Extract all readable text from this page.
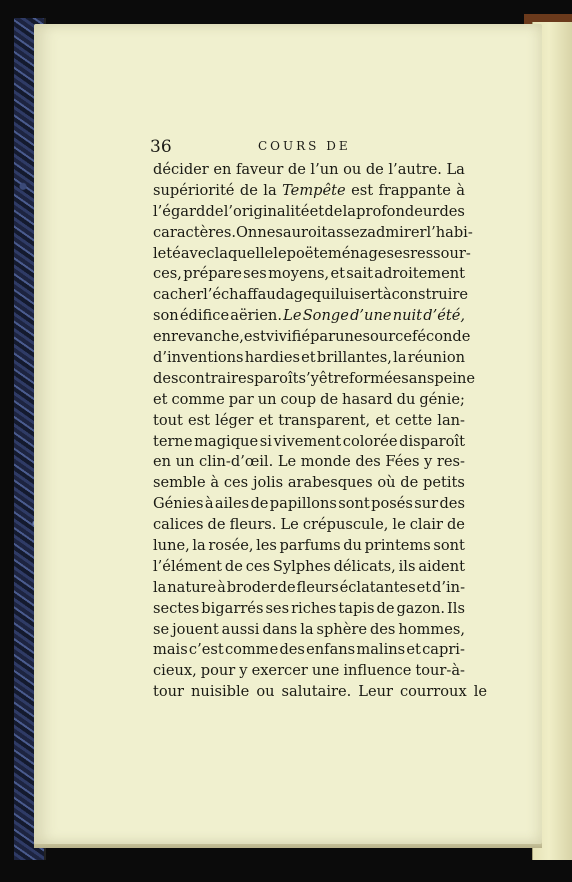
36	COURS DE
décider en faveur de l’un ou de l’autre. La
supériorité de la Tempête est frappante à
l’égard de l’originalité et de la profondeur des
caractères. On ne sauroit assez admirer l’habi-
leté avec laquelle le poëte ménage ses ressour-
ces, prépare ses moyens, et sait adroitement
cacher l’échaffaudage qui lui sert à construire
son édifice aërien. Le Songe d’une nuit d’été,
en revanche, est vivifié par une source féconde
d’inventions hardies et brillantes, la réunion
des contraires paroît s’y être formée sans peine
et comme par un coup de hasard du génie;
tout est léger et transparent, et cette lan-
terne magique si vivement colorée disparoît
en un clin-d’œil. Le monde des Fées y res-
semble à ces jolis arabesques où de petits
Génies à ailes de papillons sont posés sur des
calices de fleurs. Le crépuscule, le clair de
lune, la rosée, les parfums du printems sont
l’élément de ces Sylphes délicats, ils aident
la nature à broder de fleurs éclatantes et d’in-
sectes bigarrés ses riches tapis de gazon. Ils
se jouent aussi dans la sphère des hommes,
mais c’est comme des enfans malins et capri-
cieux, pour y exercer une influence tour-à-
tour nuisible ou salutaire. Leur courroux le
